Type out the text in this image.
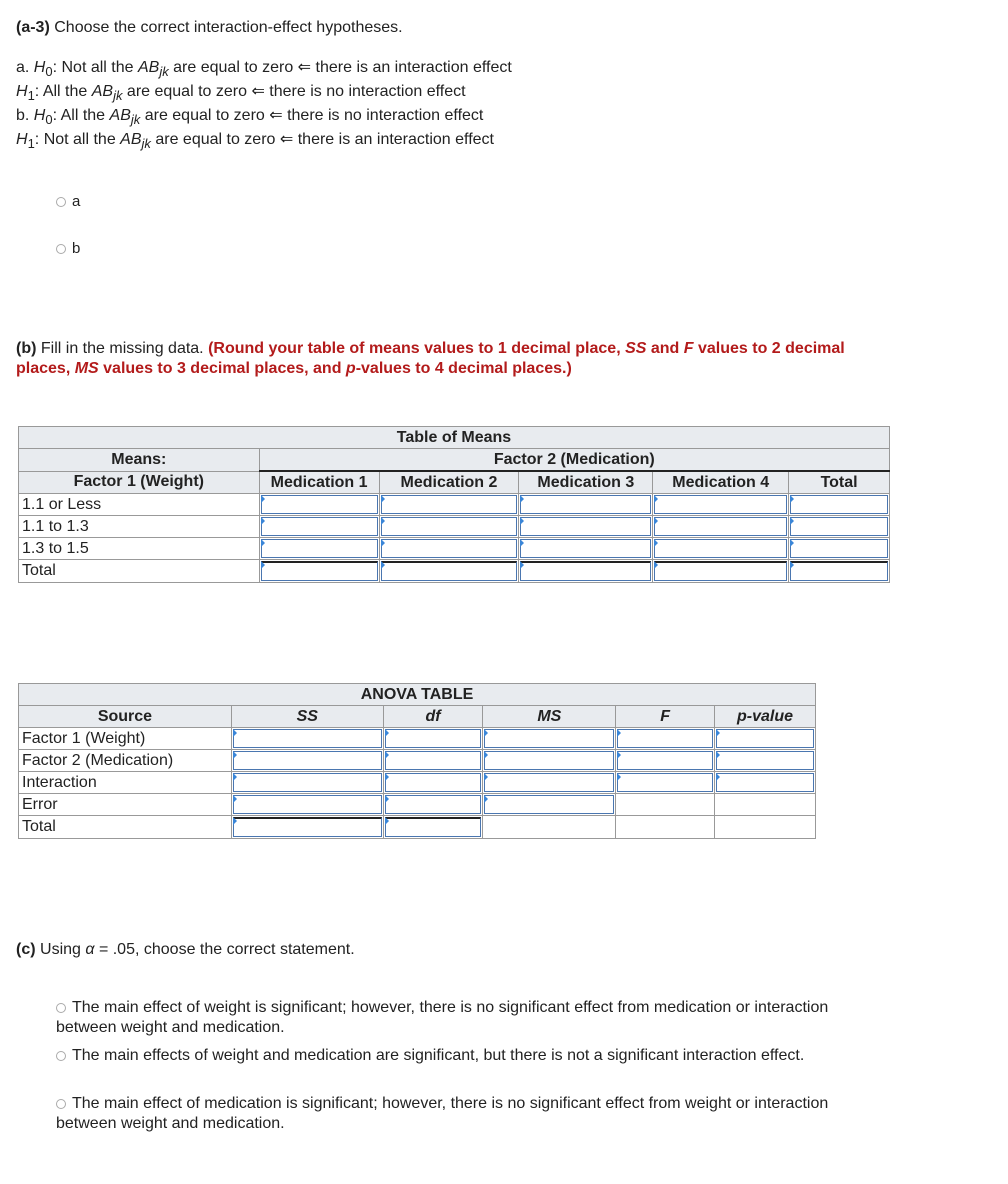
(a-3) Choose the correct interaction-effect hypotheses.
a. $H_0$: Not all the $AB_{jk}$ are equal to zero ⇐ there is an interaction effect
$H_1$: All the $AB_{jk}$ are equal to zero ⇐ there is no interaction effect
b. $H_0$: All the $AB_{jk}$ are equal to zero ⇐ there is no interaction effect
$H_1$: Not all the $AB_{jk}$ are equal to zero ⇐ there is an interaction effect
a
b
(b) Fill in the missing data. (Round your table of means values to 1 decimal place, SS and F values to 2 decimal
places, MS values to 3 decimal places, and p-values to 4 decimal places.)
Table of Means					
Means:	Factor 2 (Medication)				
Factor 1 (Weight)	Medication 1	Medication 2	Medication 3	Medication 4	Total
1.1 or Less	

1.1 to 1.3	

1.3 to 1.5	

Total	

ANOVA TABLE					
Source	SS	df	MS	F	p-value
Factor 1 (Weight)	

Factor 2 (Medication)	

Interaction	

Error	

Total	

(c) Using α = .05, choose the correct statement.
The main effect of weight is significant; however, there is no significant effect from medication or interaction
between weight and medication.
The main effects of weight and medication are significant, but there is not a significant interaction effect.
The main effect of medication is significant; however, there is no significant effect from weight or interaction
between weight and medication.
